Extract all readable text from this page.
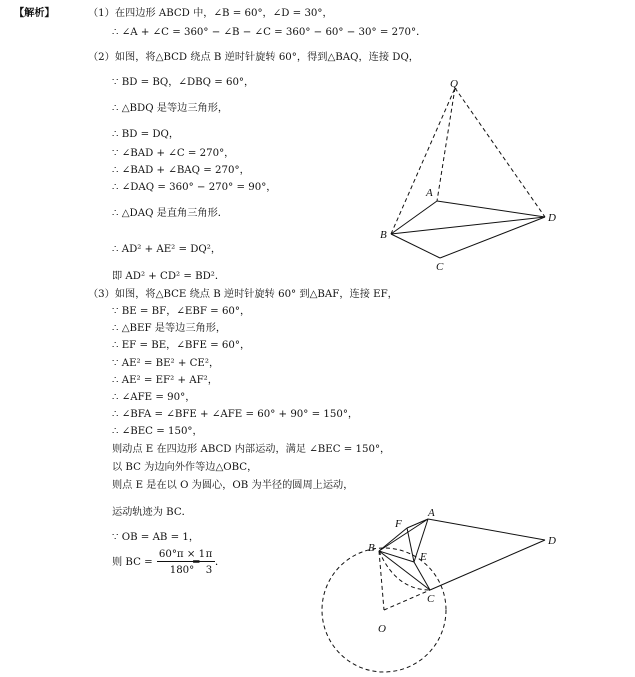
【解析】	（1）在四边形 ABCD 中，∠B = 60°，∠D = 30°，
∴ ∠A + ∠C = 360° − ∠B − ∠C = 360° − 60° − 30° = 270°．
（2）如图，将△BCD 绕点 B 逆时针旋转 60°，得到△BAQ，连接 DQ，
∵ BD = BQ，∠DBQ = 60°，
∴ △BDQ 是等边三角形，
∴ BD = DQ，
∵ ∠BAD + ∠C = 270°，
∴ ∠BAD + ∠BAQ = 270°，
∴ ∠DAQ = 360° − 270° = 90°，
∴ △DAQ 是直角三角形．
∴ AD² + AE² = DQ²，
即 AD² + CD² = BD²．
（3）如图，将△BCE 绕点 B 逆时针旋转 60° 到△BAF，连接 EF，
∵ BE = BF，∠EBF = 60°，
∴ △BEF 是等边三角形，
∴ EF = BE，∠BFE = 60°，
∵ AE² = BE² + CE²，
∴ AE² = EF² + AF²，
∴ ∠AFE = 90°，
∴ ∠BFA = ∠BFE + ∠AFE = 60° + 90° = 150°，
∴ ∠BEC = 150°，
则动点 E 在四边形 ABCD 内部运动，满足 ∠BEC = 150°，
以 BC 为边向外作等边△OBC，
则点 E 是在以 O 为圆心，OB 为半径的圆周上运动，
运动轨迹为 BC．
∵ OB = AB = 1，
则 BC =
60°π × 1
180°
=
π
3
．
Q
A
B
D
C
F
A
D
B
E
C
O
